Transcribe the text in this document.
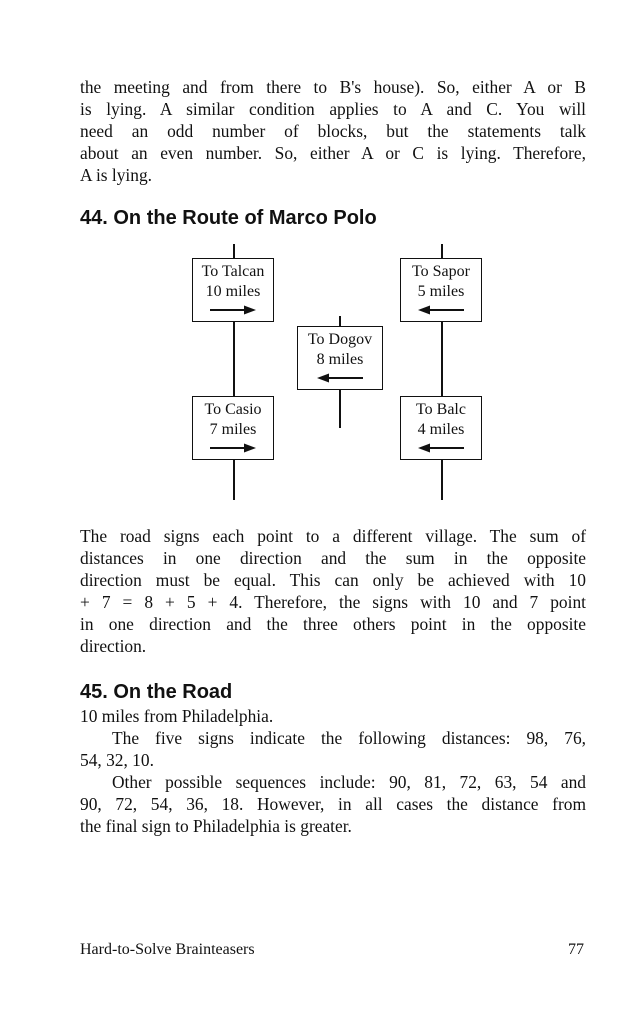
the meeting and from there to B's house). So, either A or B
is lying. A similar condition applies to A and C. You will
need an odd number of blocks, but the statements talk
about an even number. So, either A or C is lying. Therefore,
A is lying.
44. On the Route of Marco Polo
To Talcan
10 miles
To Sapor
5 miles
To Dogov
8 miles
To Casio
7 miles
To Balc
4 miles
The road signs each point to a different village. The sum of
distances in one direction and the sum in the opposite
direction must be equal. This can only be achieved with 10
+ 7 = 8 + 5 + 4. Therefore, the signs with 10 and 7 point
in one direction and the three others point in the opposite
direction.
45. On the Road
10 miles from Philadelphia.
The five signs indicate the following distances: 98, 76,
54, 32, 10.
Other possible sequences include: 90, 81, 72, 63, 54 and
90, 72, 54, 36, 18. However, in all cases the distance from
the final sign to Philadelphia is greater.
Hard-to-Solve Brainteasers	77
